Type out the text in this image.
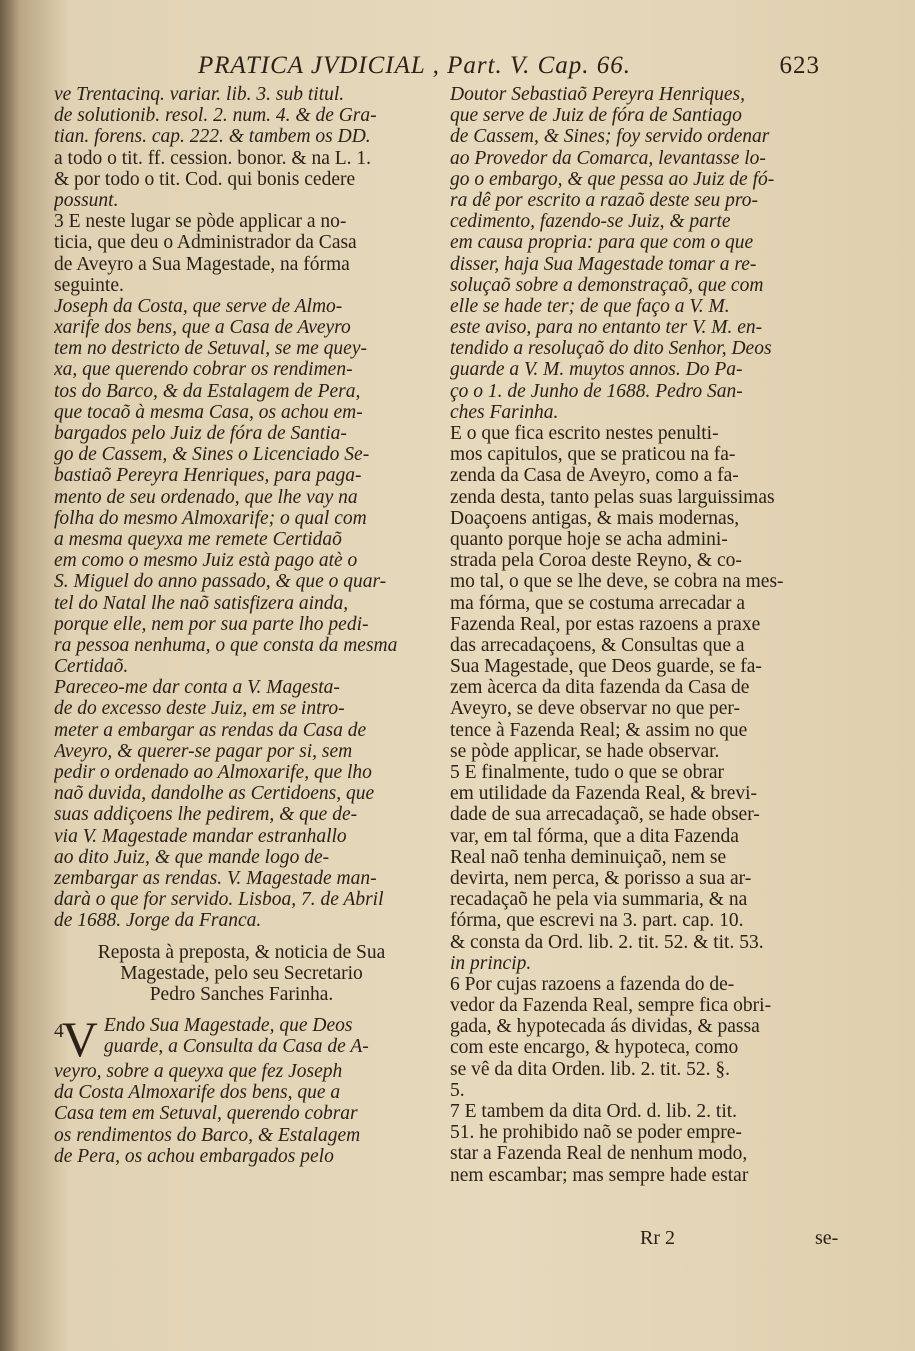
PRATICA JVDICIAL , Part. V. Cap. 66.	623
ve Trentacinq. variar. lib. 3. sub titul.
de solutionib. resol. 2. num. 4. & de Gra-
tian. forens. cap. 222. & tambem os DD.
a todo o tit. ff. cession. bonor. & na L. 1.
& por todo o tit. Cod. qui bonis cedere
possunt.
3 E neste lugar se pòde applicar a no-
ticia, que deu o Administrador da Casa
de Aveyro a Sua Magestade, na fórma
seguinte.
Joseph da Costa, que serve de Almo-
xarife dos bens, que a Casa de Aveyro
tem no destricto de Setuval, se me quey-
xa, que querendo cobrar os rendimen-
tos do Barco, & da Estalagem de Pera,
que tocaõ à mesma Casa, os achou em-
bargados pelo Juiz de fóra de Santia-
go de Cassem, & Sines o Licenciado Se-
bastiaõ Pereyra Henriques, para paga-
mento de seu ordenado, que lhe vay na
folha do mesmo Almoxarife; o qual com
a mesma queyxa me remete Certidaõ
em como o mesmo Juiz està pago atè o
S. Miguel do anno passado, & que o quar-
tel do Natal lhe naõ satisfizera ainda,
porque elle, nem por sua parte lho pedi-
ra pessoa nenhuma, o que consta da mesma
Certidaõ.
Pareceo-me dar conta a V. Magesta-
de do excesso deste Juiz, em se intro-
meter a embargar as rendas da Casa de
Aveyro, & querer-se pagar por si, sem
pedir o ordenado ao Almoxarife, que lho
naõ duvida, dandolhe as Certidoens, que
suas addiçoens lhe pedirem, & que de-
via V. Magestade mandar estranhallo
ao dito Juiz, & que mande logo de-
zembargar as rendas. V. Magestade man-
darà o que for servido. Lisboa, 7. de Abril
de 1688. Jorge da Franca.
Reposta à preposta, & noticia de Sua
Magestade, pelo seu Secretario
Pedro Sanches Farinha.
4
V Endo Sua Magestade, que Deos
guarde, a Consulta da Casa de A-
veyro, sobre a queyxa que fez Joseph
da Costa Almoxarife dos bens, que a
Casa tem em Setuval, querendo cobrar
os rendimentos do Barco, & Estalagem
de Pera, os achou embargados pelo
Doutor Sebastiaõ Pereyra Henriques,
que serve de Juiz de fóra de Santiago
de Cassem, & Sines; foy servido ordenar
ao Provedor da Comarca, levantasse lo-
go o embargo, & que pessa ao Juiz de fó-
ra dê por escrito a razaõ deste seu pro-
cedimento, fazendo-se Juiz, & parte
em causa propria: para que com o que
disser, haja Sua Magestade tomar a re-
soluçaõ sobre a demonstraçaõ, que com
elle se hade ter; de que faço a V. M.
este aviso, para no entanto ter V. M. en-
tendido a resoluçaõ do dito Senhor, Deos
guarde a V. M. muytos annos. Do Pa-
ço o 1. de Junho de 1688. Pedro San-
ches Farinha.
E o que fica escrito nestes penulti-
mos capitulos, que se praticou na fa-
zenda da Casa de Aveyro, como a fa-
zenda desta, tanto pelas suas larguissimas
Doaçoens antigas, & mais modernas,
quanto porque hoje se acha admini-
strada pela Coroa deste Reyno, & co-
mo tal, o que se lhe deve, se cobra na mes-
ma fórma, que se costuma arrecadar a
Fazenda Real, por estas razoens a praxe
das arrecadaçoens, & Consultas que a
Sua Magestade, que Deos guarde, se fa-
zem àcerca da dita fazenda da Casa de
Aveyro, se deve observar no que per-
tence à Fazenda Real; & assim no que
se pòde applicar, se hade observar.
5 E finalmente, tudo o que se obrar
em utilidade da Fazenda Real, & brevi-
dade de sua arrecadaçaõ, se hade obser-
var, em tal fórma, que a dita Fazenda
Real naõ tenha deminuiçaõ, nem se
devirta, nem perca, & porisso a sua ar-
recadaçaõ he pela via summaria, & na
fórma, que escrevi na 3. part. cap. 10.
& consta da Ord. lib. 2. tit. 52. & tit. 53.
in princip.
6 Por cujas razoens a fazenda do de-
vedor da Fazenda Real, sempre fica obri-
gada, & hypotecada ás dividas, & passa
com este encargo, & hypoteca, como
se vê da dita Orden. lib. 2. tit. 52. §.
5.
7 E tambem da dita Ord. d. lib. 2. tit.
51. he prohibido naõ se poder empre-
star a Fazenda Real de nenhum modo,
nem escambar; mas sempre hade estar
Rr 2	se-
